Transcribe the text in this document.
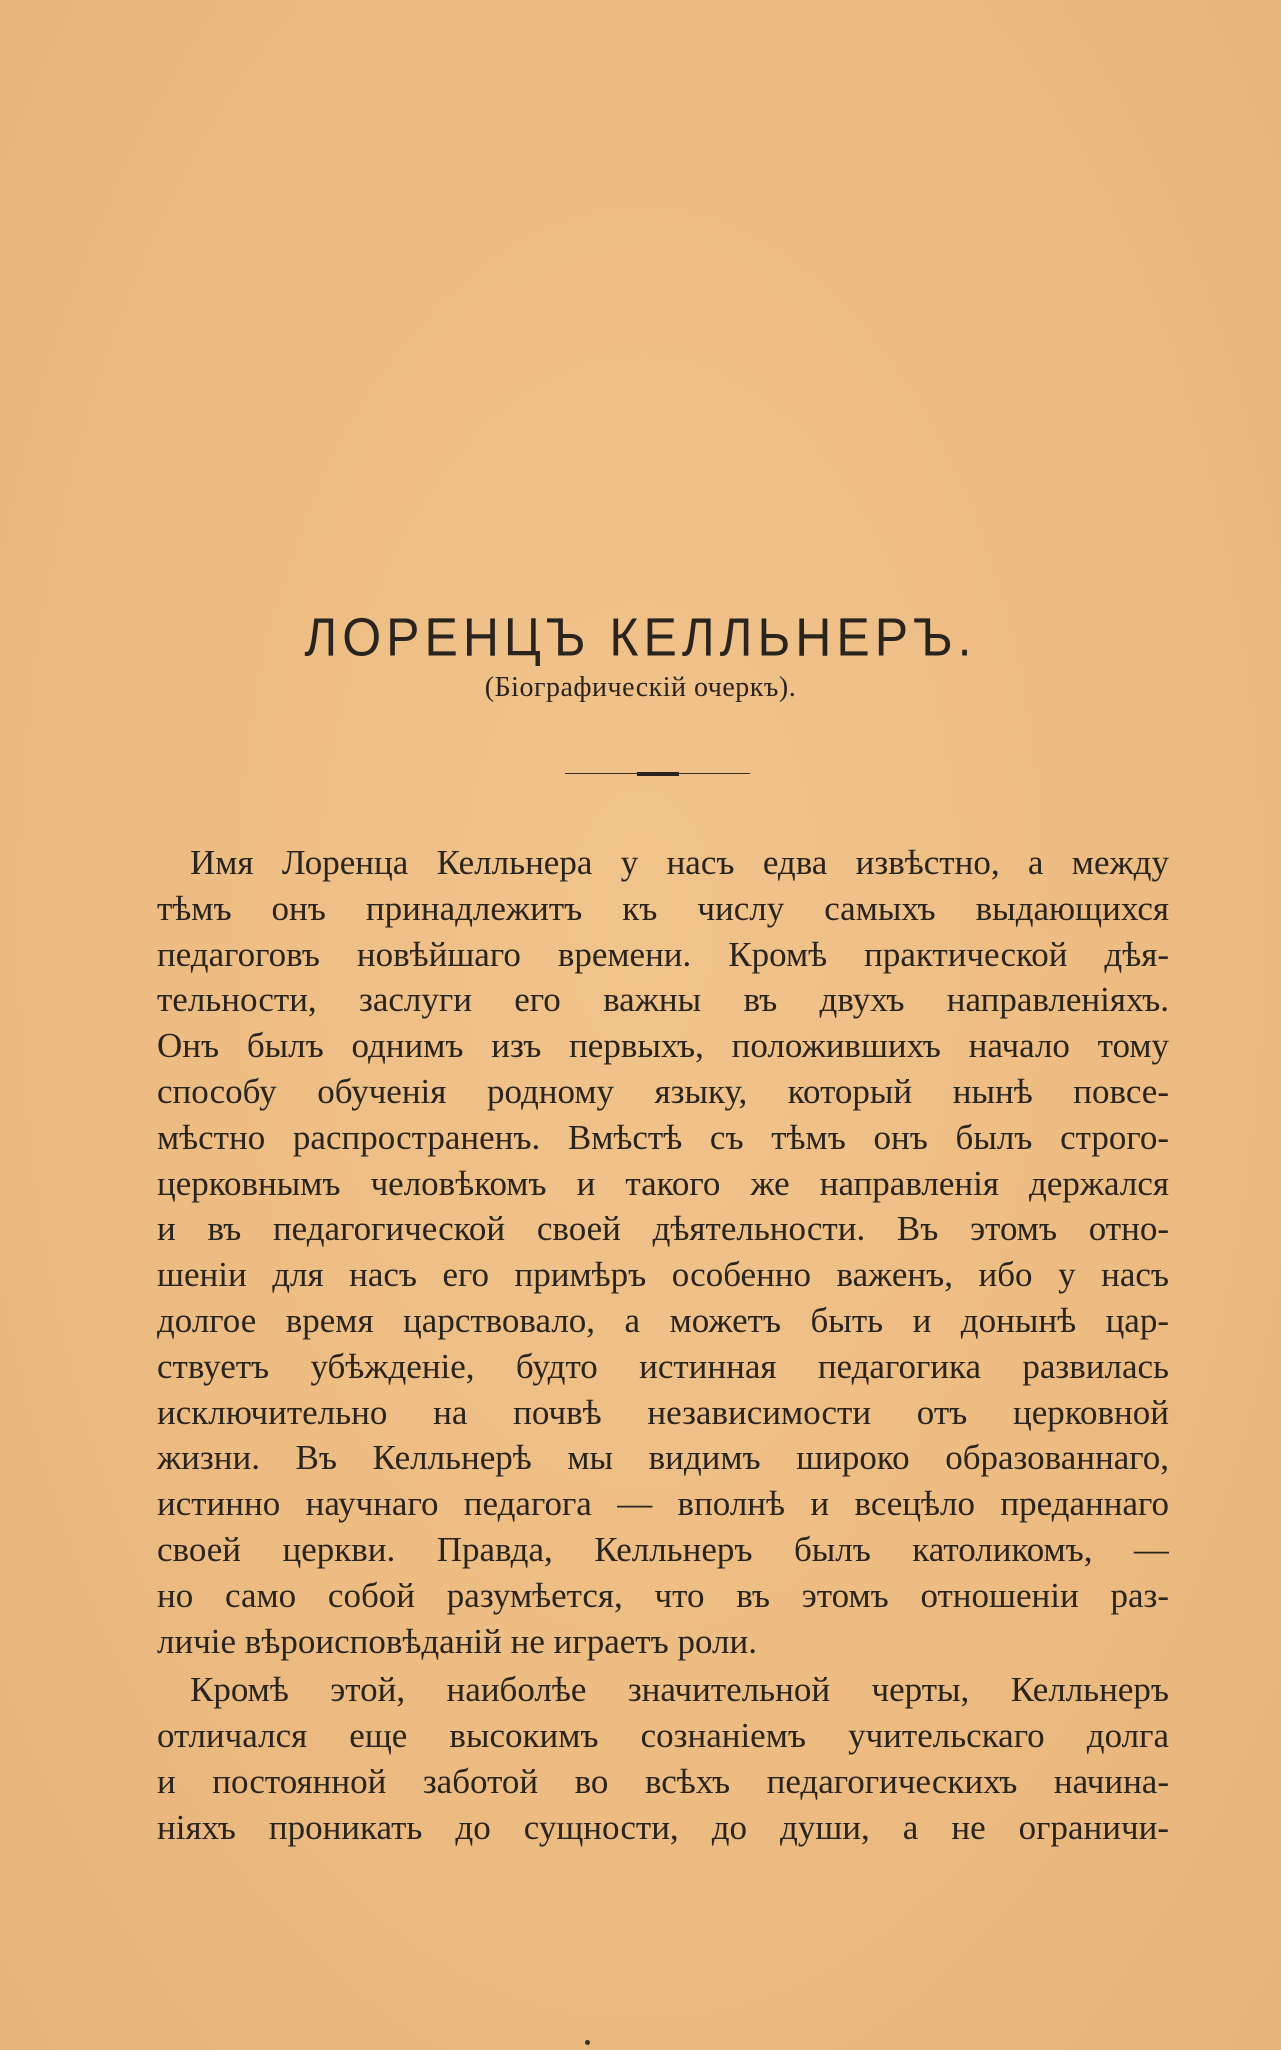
ЛОРЕНЦЪ КЕЛЛЬНЕРЪ.
(Біографическій очеркъ).
Имя Лоренца Келльнера у насъ едва извѣстно, а между
тѣмъ онъ принадлежитъ къ числу самыхъ выдающихся
педагоговъ новѣйшаго времени. Кромѣ практической дѣя-
тельности, заслуги его важны въ двухъ направленіяхъ.
Онъ былъ однимъ изъ первыхъ, положившихъ начало тому
способу обученія родному языку, который нынѣ повсе-
мѣстно распространенъ. Вмѣстѣ съ тѣмъ онъ былъ строго-
церковнымъ человѣкомъ и такого же направленія держался
и въ педагогической своей дѣятельности. Въ этомъ отно-
шеніи для насъ его примѣръ особенно важенъ, ибо у насъ
долгое время царствовало, а можетъ быть и донынѣ цар-
ствуетъ убѣжденіе, будто истинная педагогика развилась
исключительно на почвѣ независимости отъ церковной
жизни. Въ Келльнерѣ мы видимъ широко образованнаго,
истинно научнаго педагога — вполнѣ и всецѣло преданнаго
своей церкви. Правда, Келльнеръ былъ католикомъ, —
но само собой разумѣется, что въ этомъ отношеніи раз-
личіе вѣроисповѣданій не играетъ роли.
Кромѣ этой, наиболѣе значительной черты, Келльнеръ
отличался еще высокимъ сознаніемъ учительскаго долга
и постоянной заботой во всѣхъ педагогическихъ начина-
ніяхъ проникать до сущности, до души, а не ограничи-
